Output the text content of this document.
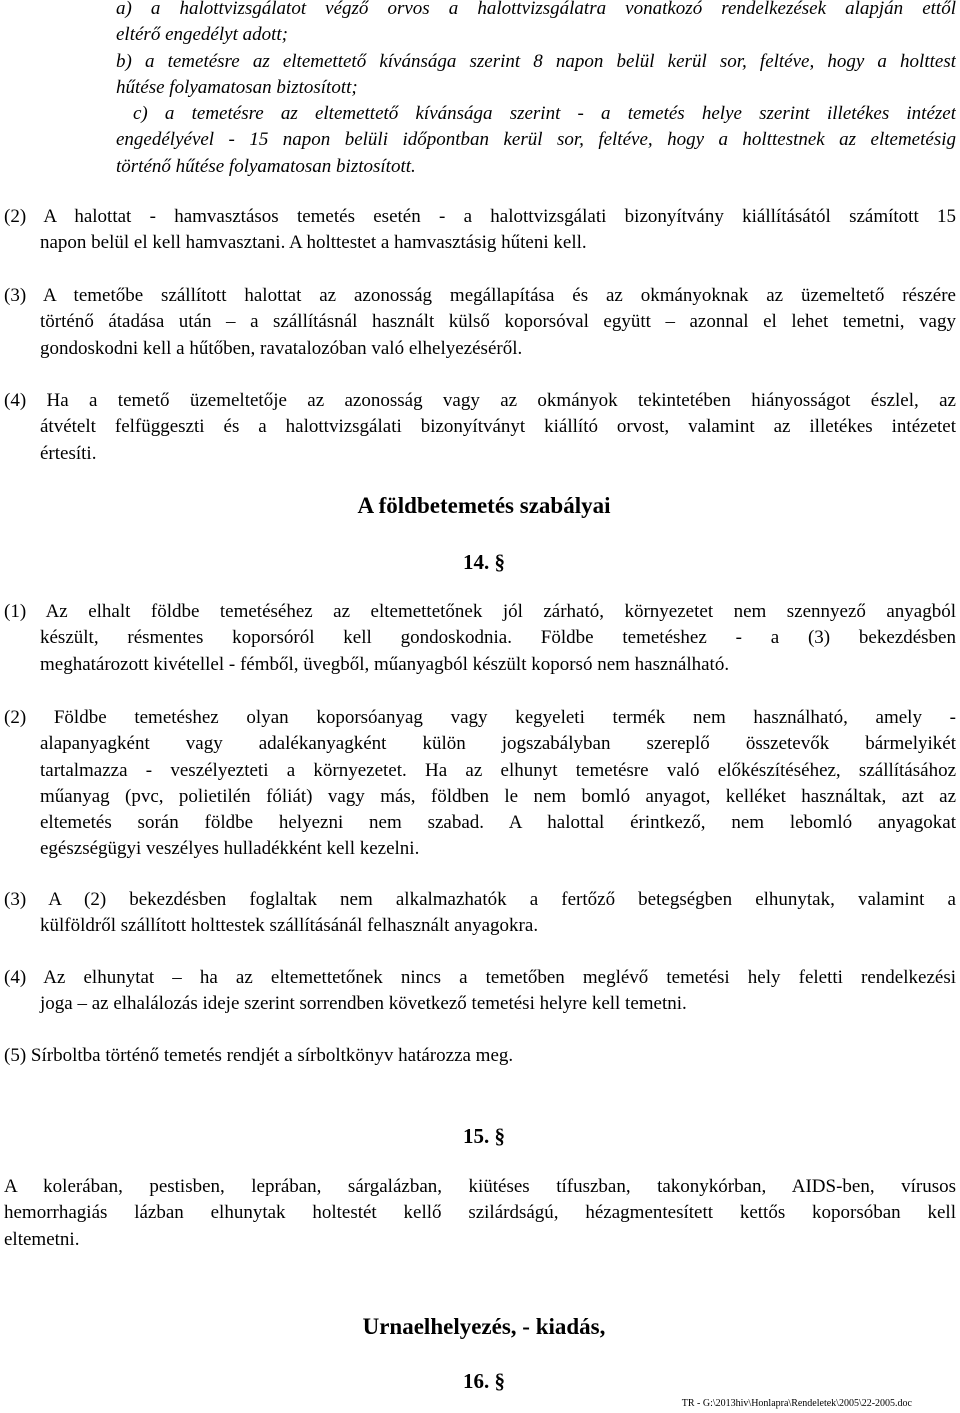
a) a halottvizsgálatot végző orvos a halottvizsgálatra vonatkozó rendelkezések alapján ettől
eltérő engedélyt adott;
b) a temetésre az eltemettető kívánsága szerint 8 napon belül kerül sor, feltéve, hogy a holttest
hűtése folyamatosan biztosított;
c) a temetésre az eltemettető kívánsága szerint - a temetés helye szerint illetékes intézet
engedélyével - 15 napon belüli időpontban kerül sor, feltéve, hogy a holttestnek az eltemetésig
történő hűtése folyamatosan biztosított.
(2) A halottat - hamvasztásos temetés esetén - a halottvizsgálati bizonyítvány kiállításától számított 15
napon belül el kell hamvasztani. A holttestet a hamvasztásig hűteni kell.
(3) A temetőbe szállított halottat az azonosság megállapítása és az okmányoknak az üzemeltető részére
történő átadása után – a szállításnál használt külső koporsóval együtt – azonnal el lehet temetni, vagy
gondoskodni kell a hűtőben, ravatalozóban való elhelyezéséről.
(4) Ha a temető üzemeltetője az azonosság vagy az okmányok tekintetében hiányosságot észlel, az
átvételt felfüggeszti és a halottvizsgálati bizonyítványt kiállító orvost, valamint az illetékes intézetet
értesíti.
A földbetemetés szabályai
14. §
(1) Az elhalt földbe temetéséhez az eltemettetőnek jól zárható, környezetet nem szennyező anyagból
készült, résmentes koporsóról kell gondoskodnia. Földbe temetéshez - a (3) bekezdésben
meghatározott kivétellel - fémből, üvegből, műanyagból készült koporsó nem használható.
(2) Földbe temetéshez olyan koporsóanyag vagy kegyeleti termék nem használható, amely -
alapanyagként vagy adalékanyagként külön jogszabályban szereplő összetevők bármelyikét
tartalmazza - veszélyezteti a környezetet. Ha az elhunyt temetésre való előkészítéséhez, szállításához
műanyag (pvc, polietilén fóliát) vagy más, földben le nem bomló anyagot, kelléket használtak, azt az
eltemetés során földbe helyezni nem szabad. A halottal érintkező, nem lebomló anyagokat
egészségügyi veszélyes hulladékként kell kezelni.
(3) A (2) bekezdésben foglaltak nem alkalmazhatók a fertőző betegségben elhunytak, valamint a
külföldről szállított holttestek szállításánál felhasznált anyagokra.
(4) Az elhunytat – ha az eltemettetőnek nincs a temetőben meglévő temetési hely feletti rendelkezési
joga – az elhalálozás ideje szerint sorrendben következő temetési helyre kell temetni.
(5) Sírboltba történő temetés rendjét a sírboltkönyv határozza meg.
15. §
A kolerában, pestisben, leprában, sárgalázban, kiütéses tífuszban, takonykórban, AIDS-ben, vírusos
hemorrhagiás lázban elhunytak holtestét kellő szilárdságú, hézagmentesített kettős koporsóban kell
eltemetni.
Urnaelhelyezés, - kiadás,
16. §
TR - G:\2013hiv\Honlapra\Rendeletek\2005\22-2005.doc
